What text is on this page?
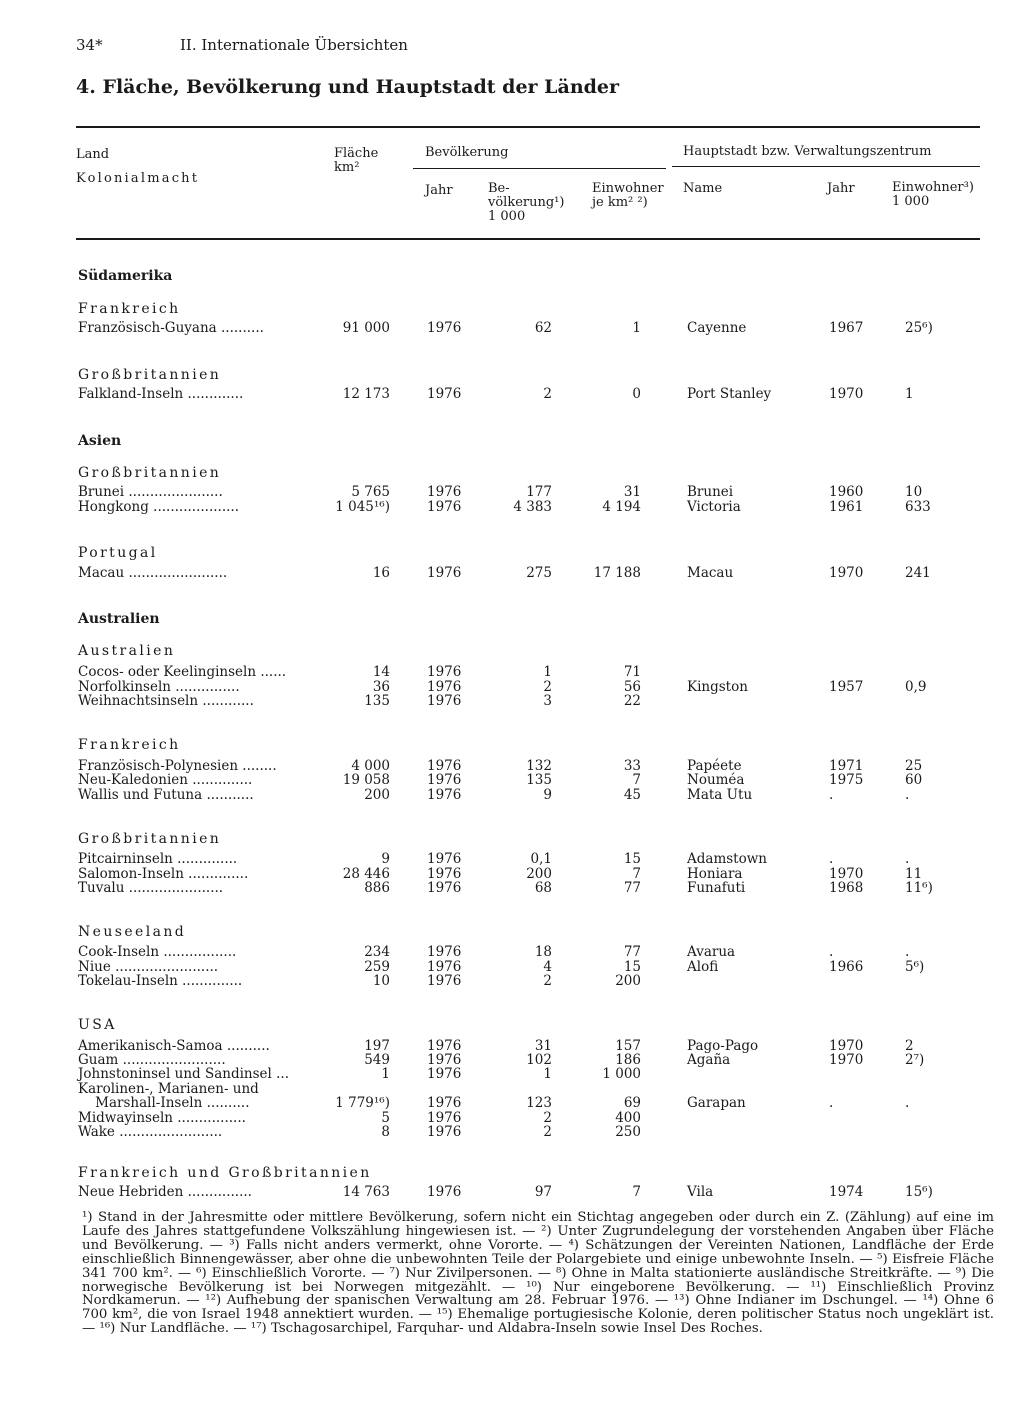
34*	II. Internationale Übersichten
4. Fläche, Bevölkerung und Hauptstadt der Länder
Land
Kolonialmacht
Fläche
km²
Bevölkerung
Jahr	Be-
völkerung¹)
1 000
Einwohner
je km² ²)
Hauptstadt bzw. Verwaltungszentrum
Name	Jahr	Einwohner³)
1 000
Südamerika
Frankreich
Großbritannien
Asien
Großbritannien
Portugal
Australien
Australien
Frankreich
Großbritannien
Neuseeland
USA
Frankreich und Großbritannien
Französisch-Guyana ..........	91 000	1976	62	1	Cayenne	1967	25⁶)
Falkland-Inseln .............	12 173	1976	2	0	Port Stanley	1970	1
Brunei ......................	5 765	1976	177	31	Brunei	1960	10
Hongkong ....................	1 045¹⁶)	1976	4 383	4 194	Victoria	1961	633
Macau .......................	16	1976	275	17 188	Macau	1970	241
Cocos- oder Keelinginseln ......	14	1976	1	71
Norfolkinseln ...............	36	1976	2	56	Kingston	1957	0,9
Weihnachtsinseln ............	135	1976	3	22
Französisch-Polynesien ........	4 000	1976	132	33	Papéete	1971	25
Neu-Kaledonien ..............	19 058	1976	135	7	Nouméa	1975	60
Wallis und Futuna ...........	200	1976	9	45	Mata Utu	.	.
Pitcairninseln ..............	9	1976	0,1	15	Adamstown	.	.
Salomon-Inseln ..............	28 446	1976	200	7	Honiara	1970	11
Tuvalu ......................	886	1976	68	77	Funafuti	1968	11⁶)
Cook-Inseln .................	234	1976	18	77	Avarua	.	.
Niue ........................	259	1976	4	15	Alofi	1966	5⁶)
Tokelau-Inseln ..............	10	1976	2	200
Amerikanisch-Samoa ..........	197	1976	31	157	Pago-Pago	1970	2
Guam ........................	549	1976	102	186	Agaña	1970	2⁷)
Johnstoninsel und Sandinsel ...	1	1976	1	1 000
Karolinen-, Marianen- und
Marshall-Inseln ..........	1 779¹⁶)	1976	123	69	Garapan	.	.
Midwayinseln ................	5	1976	2	400
Wake ........................	8	1976	2	250
Neue Hebriden ...............	14 763	1976	97	7	Vila	1974	15⁶)
¹) Stand in der Jahresmitte oder mittlere Bevölkerung, sofern nicht ein Stichtag angegeben oder durch ein Z. (Zählung) auf eine im Laufe des Jahres stattgefundene Volkszählung hingewiesen ist. — ²) Unter Zugrundelegung der vorstehenden Angaben über Fläche und Bevölkerung. — ³) Falls nicht anders vermerkt, ohne Vororte. — ⁴) Schätzungen der Vereinten Nationen, Landfläche der Erde einschließlich Binnengewässer, aber ohne die unbewohnten Teile der Polargebiete und einige unbewohnte Inseln. — ⁵) Eisfreie Fläche 341 700 km². — ⁶) Einschließlich Vororte. — ⁷) Nur Zivilpersonen. — ⁸) Ohne in Malta stationierte ausländische Streitkräfte. — ⁹) Die norwegische Bevölkerung ist bei Norwegen mitgezählt. — ¹⁰) Nur eingeborene Bevölkerung. — ¹¹) Einschließlich Provinz Nordkamerun. — ¹²) Aufhebung der spanischen Verwaltung am 28. Februar 1976. — ¹³) Ohne Indianer im Dschungel. — ¹⁴) Ohne 6 700 km², die von Israel 1948 annektiert wurden. — ¹⁵) Ehemalige portugiesische Kolonie, deren politischer Status noch ungeklärt ist. — ¹⁶) Nur Landfläche. — ¹⁷) Tschagosarchipel, Farquhar- und Aldabra-Inseln sowie Insel Des Roches.
